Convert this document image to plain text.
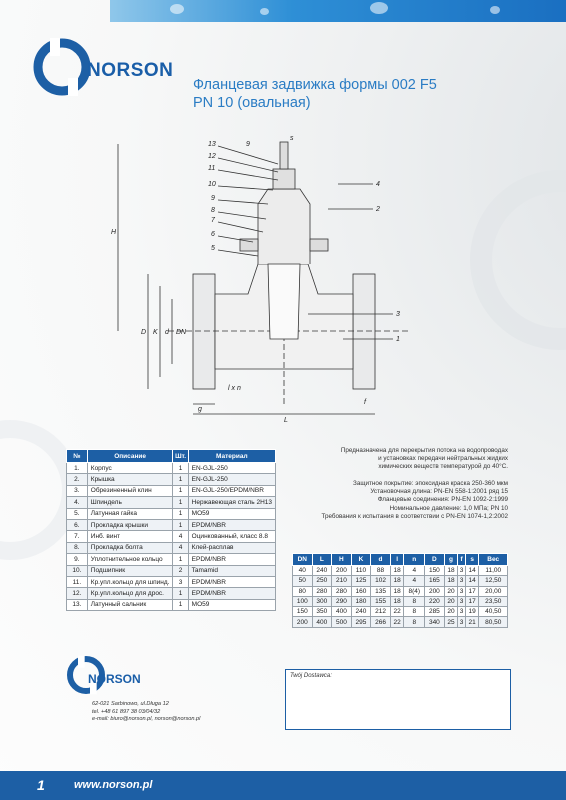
NORSON
Фланцевая задвижка формы 002 F5
PN 10 (овальная)
13
12
11
10
9
8
7
6
5
4
2
3
1
9
H
D K d DN
l x n
g
L
f
s
№	Описание	Шт.	Материал
1.	Корпус	1	EN-GJL-250
2.	Крышка	1	EN-GJL-250
3.	Обрезиненный клин	1	EN-GJL-250/EPDM/NBR
4.	Шпиндель	1	Нержавеющая сталь 2H13
5.	Латунная гайка	1	MO59
6.	Прокладка крышки	1	EPDM/NBR
7.	Инб. винт	4	Оцинкованный, класс 8.8
8.	Прокладка болта	4	Клей-расплав
9.	Уплотнительное кольцо	1	EPDM/NBR
10.	Подшипник	2	Tamamid
11.	Кр.упл.кольцо для шпинд.	3	EPDM/NBR
12.	Кр.упл.кольцо для дрос.	1	EPDM/NBR
13.	Латунный сальник	1	MO59
Предназначена для перекрытия потока на водопроводах
и установках передачи нейтральных жидких
химических веществ температурой до 40°C.
Защитное покрытие: эпоксидная краска 250-360 мкм
Установочная длина: PN-EN 558-1:2001 ряд 15
Фланцевые соединения: PN-EN 1092-2:1999
Номинальное давление: 1,0 МПа; PN 10
Требования к испытания в соответствии с PN-EN 1074-1,2:2002
DN	L	H	K	d	l	n	D	g	f	s	Вес
40	240	200	110	88	18	4	150	18	3	14	11,00
50	250	210	125	102	18	4	165	18	3	14	12,50
80	280	280	160	135	18	8(4)	200	20	3	17	20,00
100	300	290	180	155	18	8	220	20	3	17	23,50
150	350	400	240	212	22	8	285	20	3	19	40,50
200	400	500	295	266	22	8	340	25	3	21	80,50
NORSON
62-021 Sarbinowo, ul.Długa 12
tel. +48 61 897 38 03/04/32
e-mail: biuro@norson.pl, norson@norson.pl
Twój Dostawca:
1	www.norson.pl
